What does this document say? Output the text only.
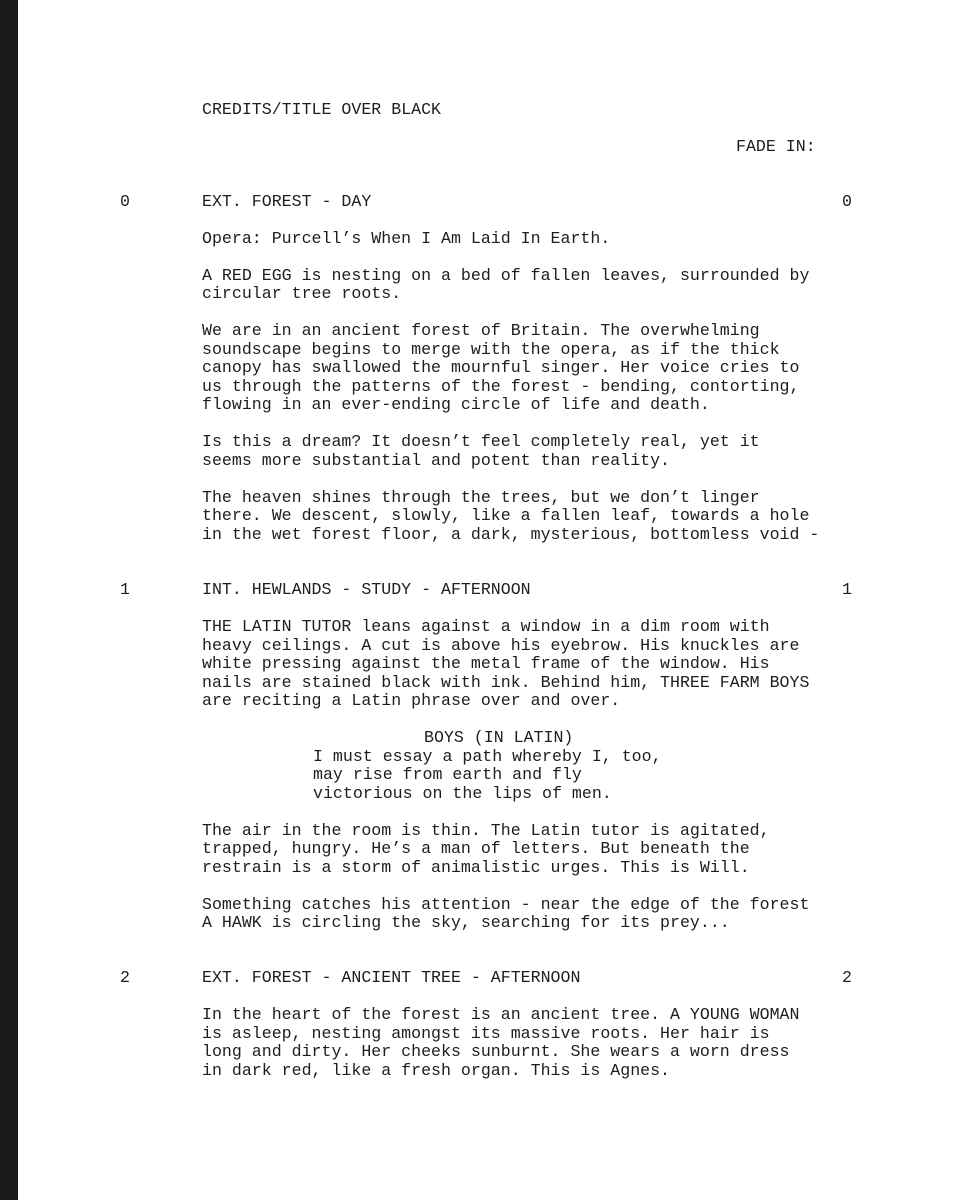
CREDITS/TITLE OVER BLACK

FADE IN:

0	EXT. FOREST - DAY	0

Opera: Purcell’s When I Am Laid In Earth.

A RED EGG is nesting on a bed of fallen leaves, surrounded by

circular tree roots.

We are in an ancient forest of Britain. The overwhelming

soundscape begins to merge with the opera, as if the thick

canopy has swallowed the mournful singer. Her voice cries to

us through the patterns of the forest - bending, contorting,

flowing in an ever-ending circle of life and death.

Is this a dream? It doesn’t feel completely real, yet it

seems more substantial and potent than reality.

The heaven shines through the trees, but we don’t linger

there. We descent, slowly, like a fallen leaf, towards a hole

in the wet forest floor, a dark, mysterious, bottomless void -

1	INT. HEWLANDS - STUDY - AFTERNOON	1

THE LATIN TUTOR leans against a window in a dim room with

heavy ceilings. A cut is above his eyebrow. His knuckles are

white pressing against the metal frame of the window. His

nails are stained black with ink. Behind him, THREE FARM BOYS

are reciting a Latin phrase over and over.

BOYS (IN LATIN)

I must essay a path whereby I, too,

may rise from earth and fly

victorious on the lips of men.

The air in the room is thin. The Latin tutor is agitated,

trapped, hungry. He’s a man of letters. But beneath the

restrain is a storm of animalistic urges. This is Will.

Something catches his attention - near the edge of the forest

A HAWK is circling the sky, searching for its prey...

2	EXT. FOREST - ANCIENT TREE - AFTERNOON	2

In the heart of the forest is an ancient tree. A YOUNG WOMAN

is asleep, nesting amongst its massive roots. Her hair is

long and dirty. Her cheeks sunburnt. She wears a worn dress

in dark red, like a fresh organ. This is Agnes.
